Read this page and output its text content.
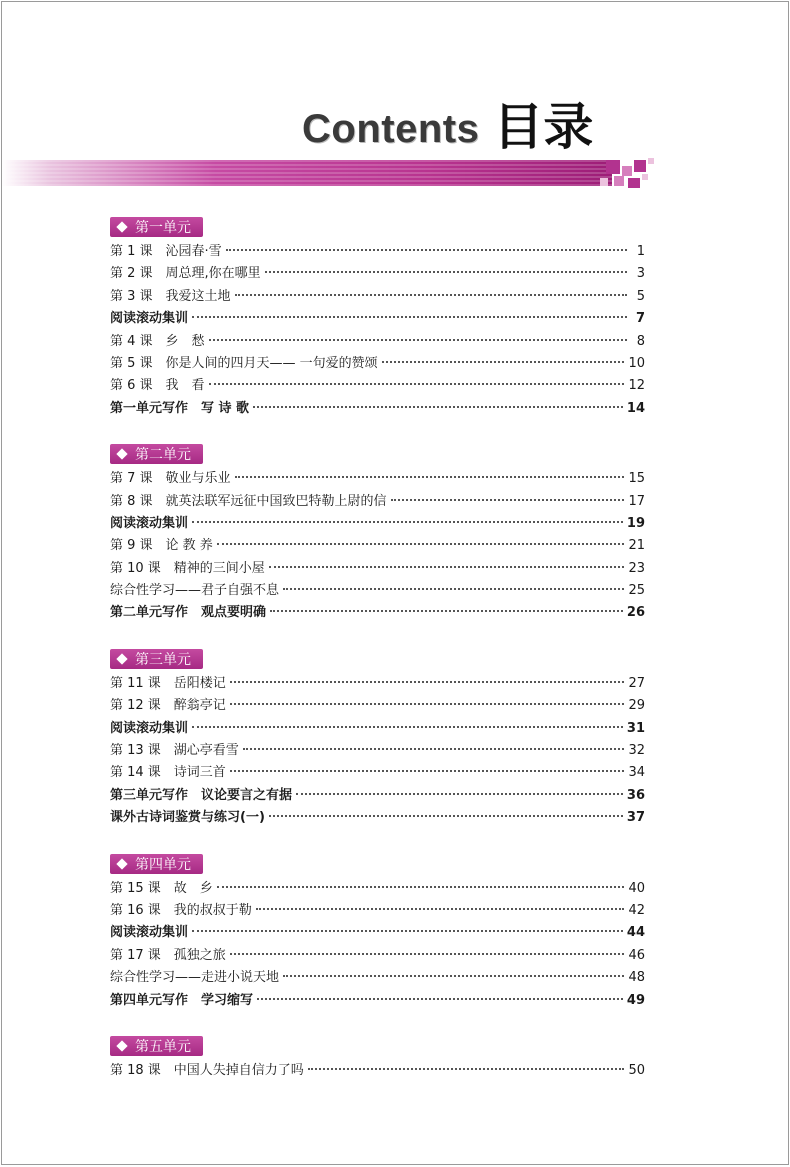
Contents 目录
第一单元
第 1 课　沁园春·雪	1
第 2 课　周总理,你在哪里	3
第 3 课　我爱这土地	5
阅读滚动集训	7
第 4 课　乡　愁	8
第 5 课　你是人间的四月天—— 一句爱的赞颂	10
第 6 课　我　看	12
第一单元写作　写 诗 歌	14
第二单元
第 7 课　敬业与乐业	15
第 8 课　就英法联军远征中国致巴特勒上尉的信	17
阅读滚动集训	19
第 9 课　论 教 养	21
第 10 课　精神的三间小屋	23
综合性学习——君子自强不息	25
第二单元写作　观点要明确	26
第三单元
第 11 课　岳阳楼记	27
第 12 课　醉翁亭记	29
阅读滚动集训	31
第 13 课　湖心亭看雪	32
第 14 课　诗词三首	34
第三单元写作　议论要言之有据	36
课外古诗词鉴赏与练习(一)	37
第四单元
第 15 课　故　乡	40
第 16 课　我的叔叔于勒	42
阅读滚动集训	44
第 17 课　孤独之旅	46
综合性学习——走进小说天地	48
第四单元写作　学习缩写	49
第五单元
第 18 课　中国人失掉自信力了吗	50
